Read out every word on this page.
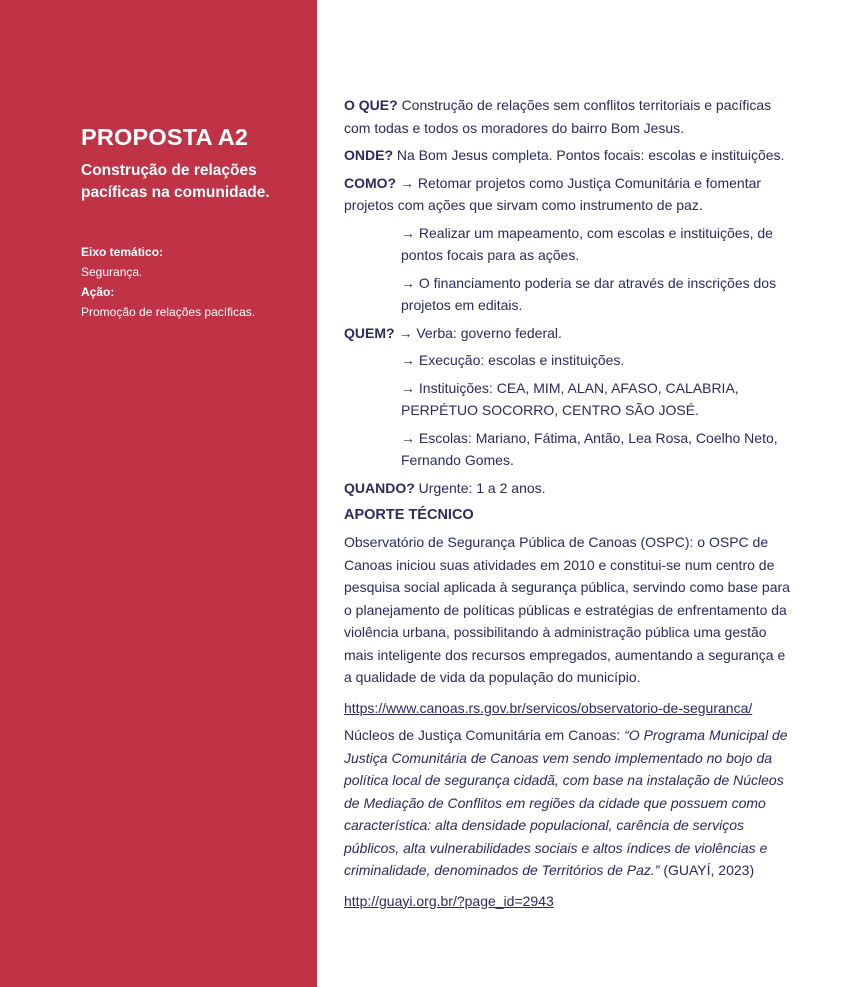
PROPOSTA A2
Construção de relações pacíficas na comunidade.
Eixo temático:
Segurança.
Ação:
Promoção de relações pacíficas.

O QUE? Construção de relações sem conflitos territoriais e pacíficas com todas e todos os moradores do bairro Bom Jesus.

ONDE? Na Bom Jesus completa. Pontos focais: escolas e instituições.

COMO? → Retomar projetos como Justiça Comunitária e fomentar projetos com ações que sirvam como instrumento de paz.

→ Realizar um mapeamento, com escolas e instituições, de pontos focais para as ações.

→ O financiamento poderia se dar através de inscrições dos projetos em editais.

QUEM? → Verba: governo federal.

→ Execução: escolas e instituições.

→ Instituições: CEA, MIM, ALAN, AFASO, CALABRIA, PERPÉTUO SOCORRO, CENTRO SÃO JOSÉ.

→ Escolas: Mariano, Fátima, Antão, Lea Rosa, Coelho Neto, Fernando Gomes.

QUANDO? Urgente: 1 a 2 anos.

APORTE TÉCNICO

Observatório de Segurança Pública de Canoas (OSPC): o OSPC de Canoas iniciou suas atividades em 2010 e constitui-se num centro de pesquisa social aplicada à segurança pública, servindo como base para o planejamento de políticas públicas e estratégias de enfrentamento da violência urbana, possibilitando à administração pública uma gestão mais inteligente dos recursos empregados, aumentando a segurança e a qualidade de vida da população do município.

https://www.canoas.rs.gov.br/servicos/observatorio-de-seguranca/

Núcleos de Justiça Comunitária em Canoas: “O Programa Municipal de Justiça Comunitária de Canoas vem sendo implementado no bojo da política local de segurança cidadã, com base na instalação de Núcleos de Mediação de Conflitos em regiões da cidade que possuem como característica: alta densidade populacional, carência de serviços públicos, alta vulnerabilidades sociais e altos índices de violências e criminalidade, denominados de Territórios de Paz.” (GUAYÍ, 2023)

http://guayi.org.br/?page_id=2943
